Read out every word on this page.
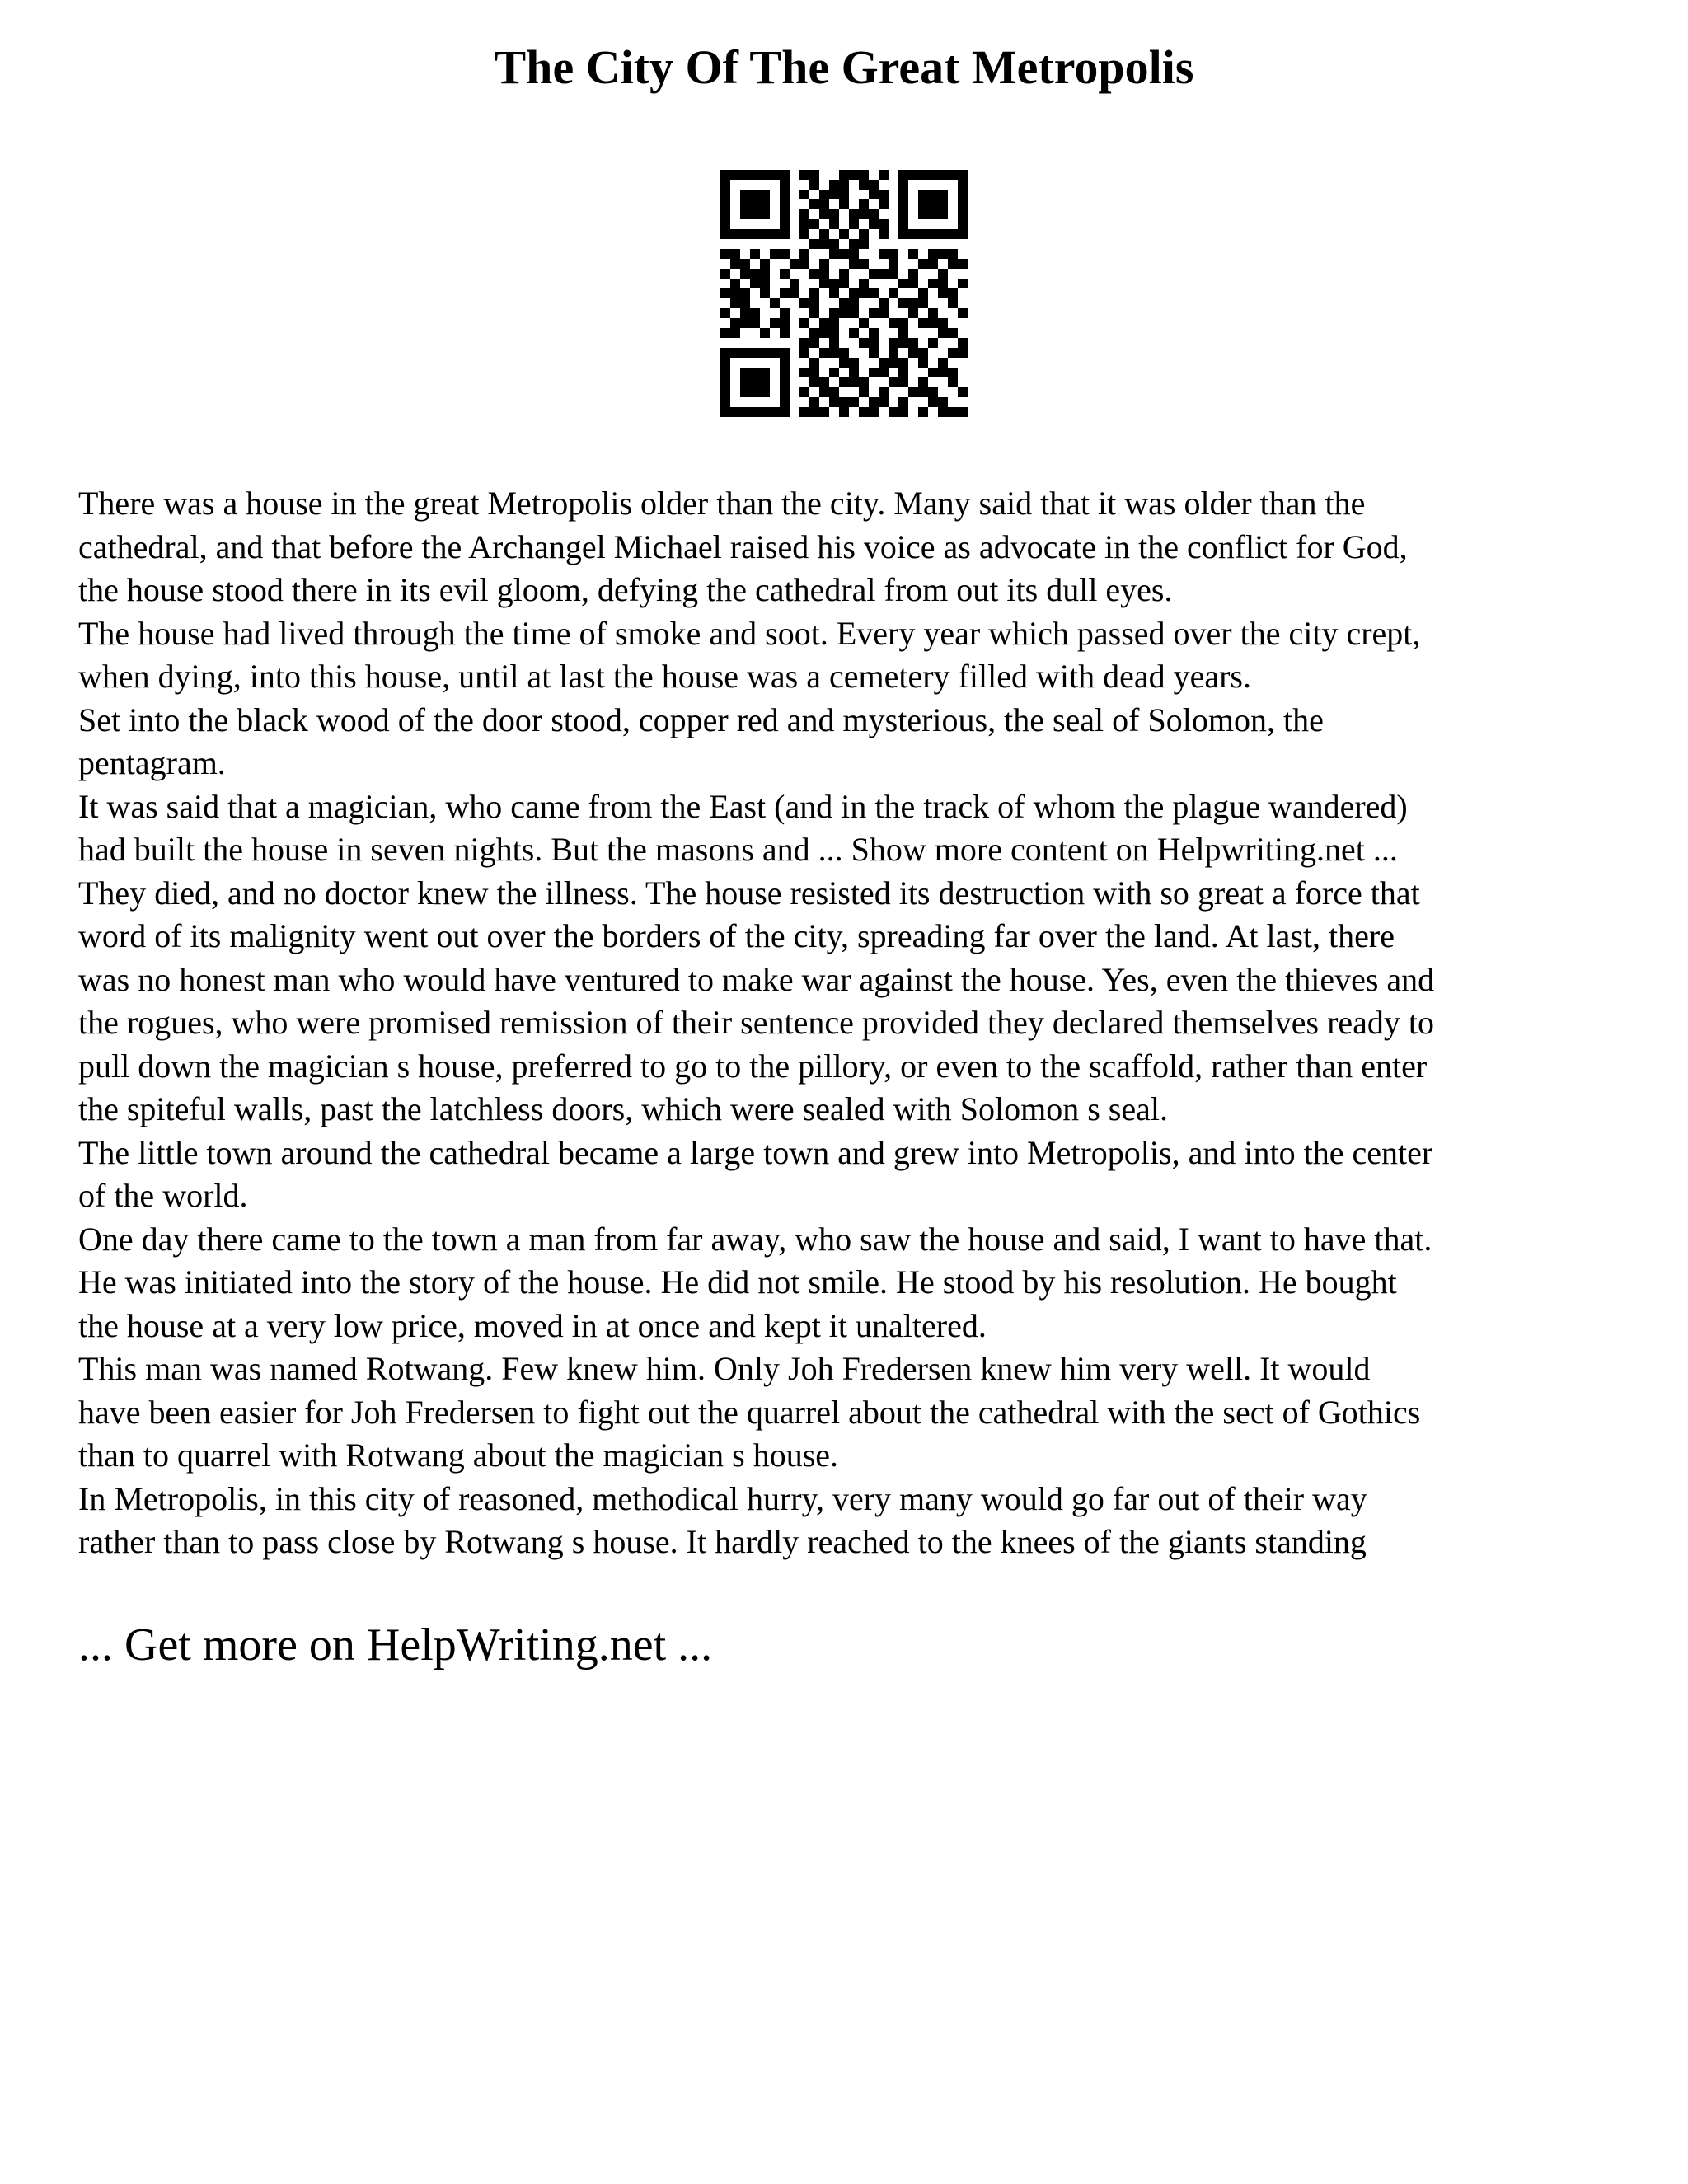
The City Of The Great Metropolis

There was a house in the great Metropolis older than the city. Many said that it was older than the
cathedral, and that before the Archangel Michael raised his voice as advocate in the conflict for God,
the house stood there in its evil gloom, defying the cathedral from out its dull eyes.

The house had lived through the time of smoke and soot. Every year which passed over the city crept,
when dying, into this house, until at last the house was a cemetery filled with dead years.

Set into the black wood of the door stood, copper red and mysterious, the seal of Solomon, the
pentagram.

It was said that a magician, who came from the East (and in the track of whom the plague wandered)
had built the house in seven nights. But the masons and ... Show more content on Helpwriting.net ...
They died, and no doctor knew the illness. The house resisted its destruction with so great a force that
word of its malignity went out over the borders of the city, spreading far over the land. At last, there
was no honest man who would have ventured to make war against the house. Yes, even the thieves and
the rogues, who were promised remission of their sentence provided they declared themselves ready to
pull down the magician s house, preferred to go to the pillory, or even to the scaffold, rather than enter
the spiteful walls, past the latchless doors, which were sealed with Solomon s seal.

The little town around the cathedral became a large town and grew into Metropolis, and into the center
of the world.

One day there came to the town a man from far away, who saw the house and said, I want to have that.
He was initiated into the story of the house. He did not smile. He stood by his resolution. He bought
the house at a very low price, moved in at once and kept it unaltered.

This man was named Rotwang. Few knew him. Only Joh Fredersen knew him very well. It would
have been easier for Joh Fredersen to fight out the quarrel about the cathedral with the sect of Gothics
than to quarrel with Rotwang about the magician s house.

In Metropolis, in this city of reasoned, methodical hurry, very many would go far out of their way
rather than to pass close by Rotwang s house. It hardly reached to the knees of the giants standing

... Get more on HelpWriting.net ...
